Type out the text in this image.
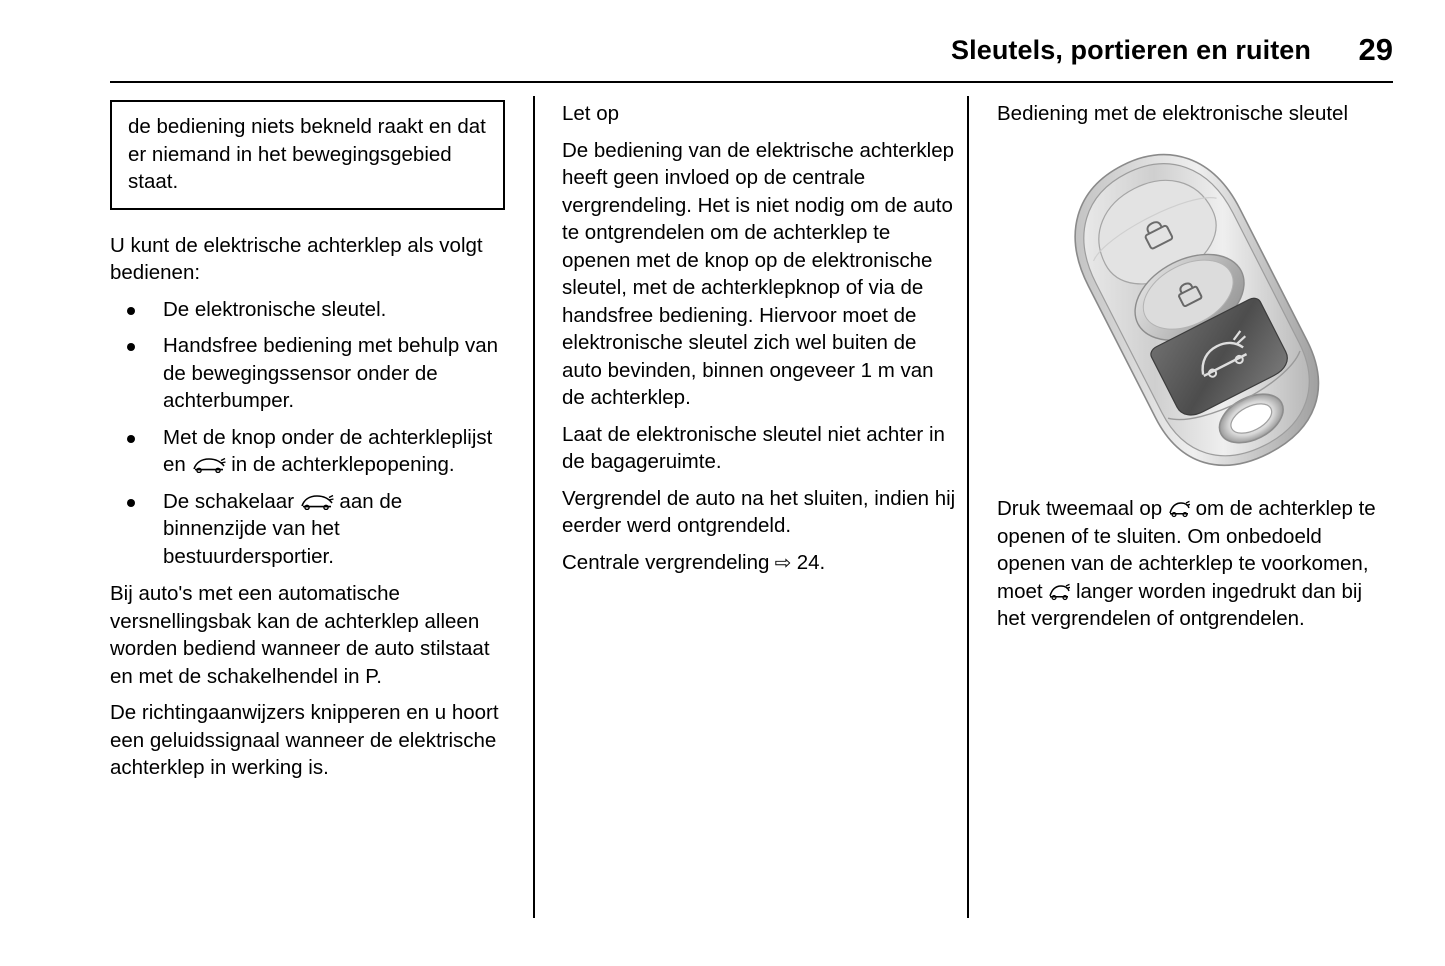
Sleutels, portieren en ruiten	29

de bediening niets bekneld raakt en dat er niemand in het bewegingsgebied staat.

U kunt de elektrische achterklep als volgt bedienen:

De elektronische sleutel.
Handsfree bediening met behulp van de bewegingssensor onder de achterbumper.
Met de knop onder de achterkleplijst en
in de achterklepopening.
De schakelaar
aan de binnenzijde van het bestuurdersportier.

Bij auto's met een automatische versnellingsbak kan de achterklep alleen worden bediend wanneer de auto stilstaat en met de schakelhendel in P.

De richtingaanwijzers knipperen en u hoort een geluidssignaal wanneer de elektrische achterklep in werking is.

Let op

De bediening van de elektrische achterklep heeft geen invloed op de centrale vergrendeling. Het is niet nodig om de auto te ontgrendelen om de achterklep te openen met de knop op de elektronische sleutel, met de achterklepknop of via de handsfree bediening. Hiervoor moet de elektronische sleutel zich wel buiten de auto bevinden, binnen ongeveer 1 m van de achterklep.

Laat de elektronische sleutel niet achter in de bagageruimte.

Vergrendel de auto na het sluiten, indien hij eerder werd ontgrendeld.

Centrale vergrendeling ⇨ 24.

Bediening met de elektronische sleutel

Druk tweemaal op
om de achterklep te openen of te sluiten. Om onbedoeld openen van de achterklep te voorkomen, moet
langer worden ingedrukt dan bij het vergrendelen of ontgrendelen.
